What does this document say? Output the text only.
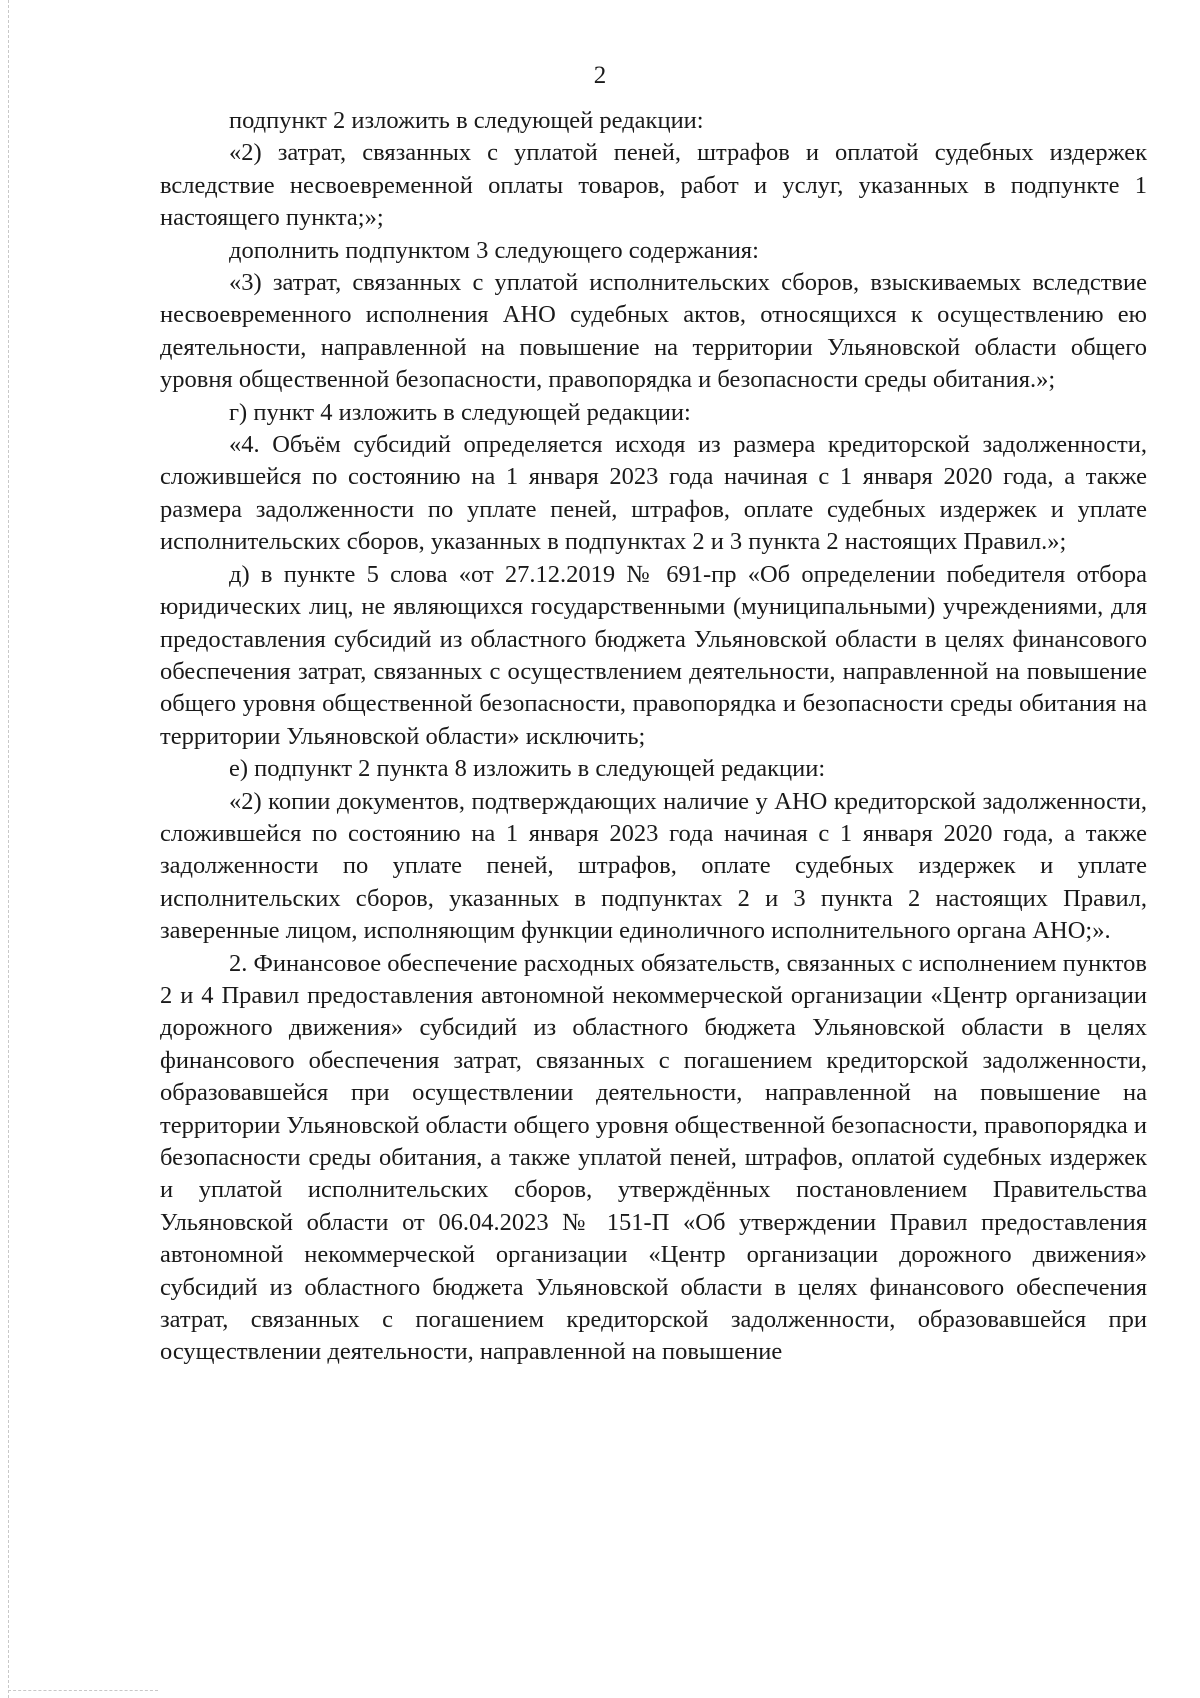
2

подпункт 2 изложить в следующей редакции:

«2) затрат, связанных с уплатой пеней, штрафов и оплатой судебных издержек вследствие несвоевременной оплаты товаров, работ и услуг, указанных в подпункте 1 настоящего пункта;»;

дополнить подпунктом 3 следующего содержания:

«3) затрат, связанных с уплатой исполнительских сборов, взыскиваемых вследствие несвоевременного исполнения АНО судебных актов, относящихся к осуществлению ею деятельности, направленной на повышение на территории Ульяновской области общего уровня общественной безопасности, правопорядка и безопасности среды обитания.»;

г) пункт 4 изложить в следующей редакции:

«4. Объём субсидий определяется исходя из размера кредиторской задолженности, сложившейся по состоянию на 1 января 2023 года начиная с 1 января 2020 года, а также размера задолженности по уплате пеней, штрафов, оплате судебных издержек и уплате исполнительских сборов, указанных в подпунктах 2 и 3 пункта 2 настоящих Правил.»;

д) в пункте 5 слова «от 27.12.2019 № 691-пр «Об определении победителя отбора юридических лиц, не являющихся государственными (муниципальными) учреждениями, для предоставления субсидий из областного бюджета Ульяновской области в целях финансового обеспечения затрат, связанных с осуществлением деятельности, направленной на повышение общего уровня общественной безопасности, правопорядка и безопасности среды обитания на территории Ульяновской области» исключить;

е) подпункт 2 пункта 8 изложить в следующей редакции:

«2) копии документов, подтверждающих наличие у АНО кредиторской задолженности, сложившейся по состоянию на 1 января 2023 года начиная с 1 января 2020 года, а также задолженности по уплате пеней, штрафов, оплате судебных издержек и уплате исполнительских сборов, указанных в подпунктах 2 и 3 пункта 2 настоящих Правил, заверенные лицом, исполняющим функции единоличного исполнительного органа АНО;».

2. Финансовое обеспечение расходных обязательств, связанных с исполнением пунктов 2 и 4 Правил предоставления автономной некоммерческой организации «Центр организации дорожного движения» субсидий из областного бюджета Ульяновской области в целях финансового обеспечения затрат, связанных с погашением кредиторской задолженности, образовавшейся при осуществлении деятельности, направленной на повышение на территории Ульяновской области общего уровня общественной безопасности, правопорядка и безопасности среды обитания, а также уплатой пеней, штрафов, оплатой судебных издержек и уплатой исполнительских сборов, утверждённых постановлением Правительства Ульяновской области от 06.04.2023 № 151-П «Об утверждении Правил предоставления автономной некоммерческой организации «Центр организации дорожного движения» субсидий из областного бюджета Ульяновской области в целях финансового обеспечения затрат, связанных с погашением кредиторской задолженности, образовавшейся при осуществлении деятельности, направленной на повышение
